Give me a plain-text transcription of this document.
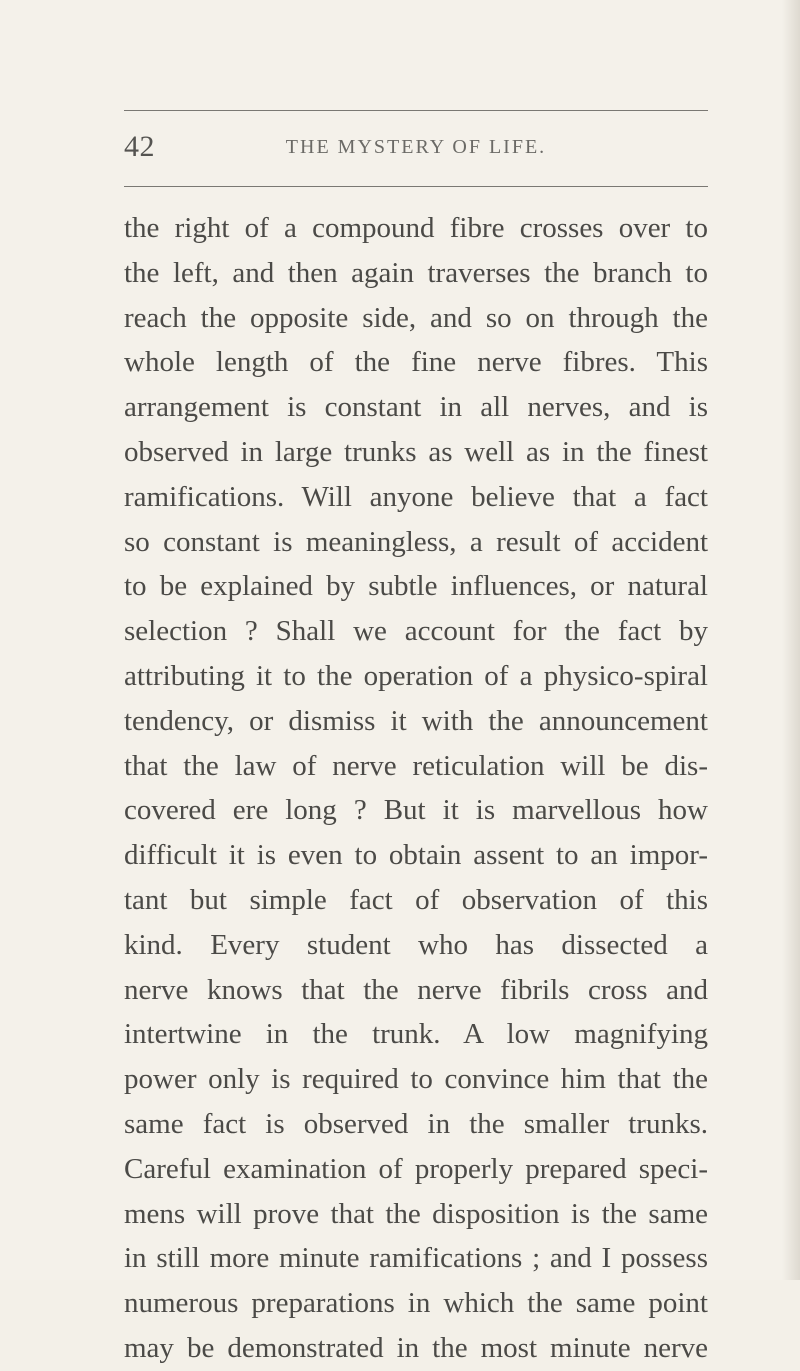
42	THE MYSTERY OF LIFE.

the right of a compound fibre crosses over to
the left, and then again traverses the branch to
reach the opposite side, and so on through the
whole length of the fine nerve fibres. This
arrangement is constant in all nerves, and is
observed in large trunks as well as in the finest
ramifications. Will anyone believe that a fact
so constant is meaningless, a result of accident
to be explained by subtle influences, or natural
selection ? Shall we account for the fact by
attributing it to the operation of a physico-spiral
tendency, or dismiss it with the announcement
that the law of nerve reticulation will be dis-
covered ere long ? But it is marvellous how
difficult it is even to obtain assent to an impor-
tant but simple fact of observation of this
kind. Every student who has dissected a
nerve knows that the nerve fibrils cross and
intertwine in the trunk. A low magnifying
power only is required to convince him that the
same fact is observed in the smaller trunks.
Careful examination of properly prepared speci-
mens will prove that the disposition is the same
in still more minute ramifications ; and I possess
numerous preparations in which the same point
may be demonstrated in the most minute nerve
